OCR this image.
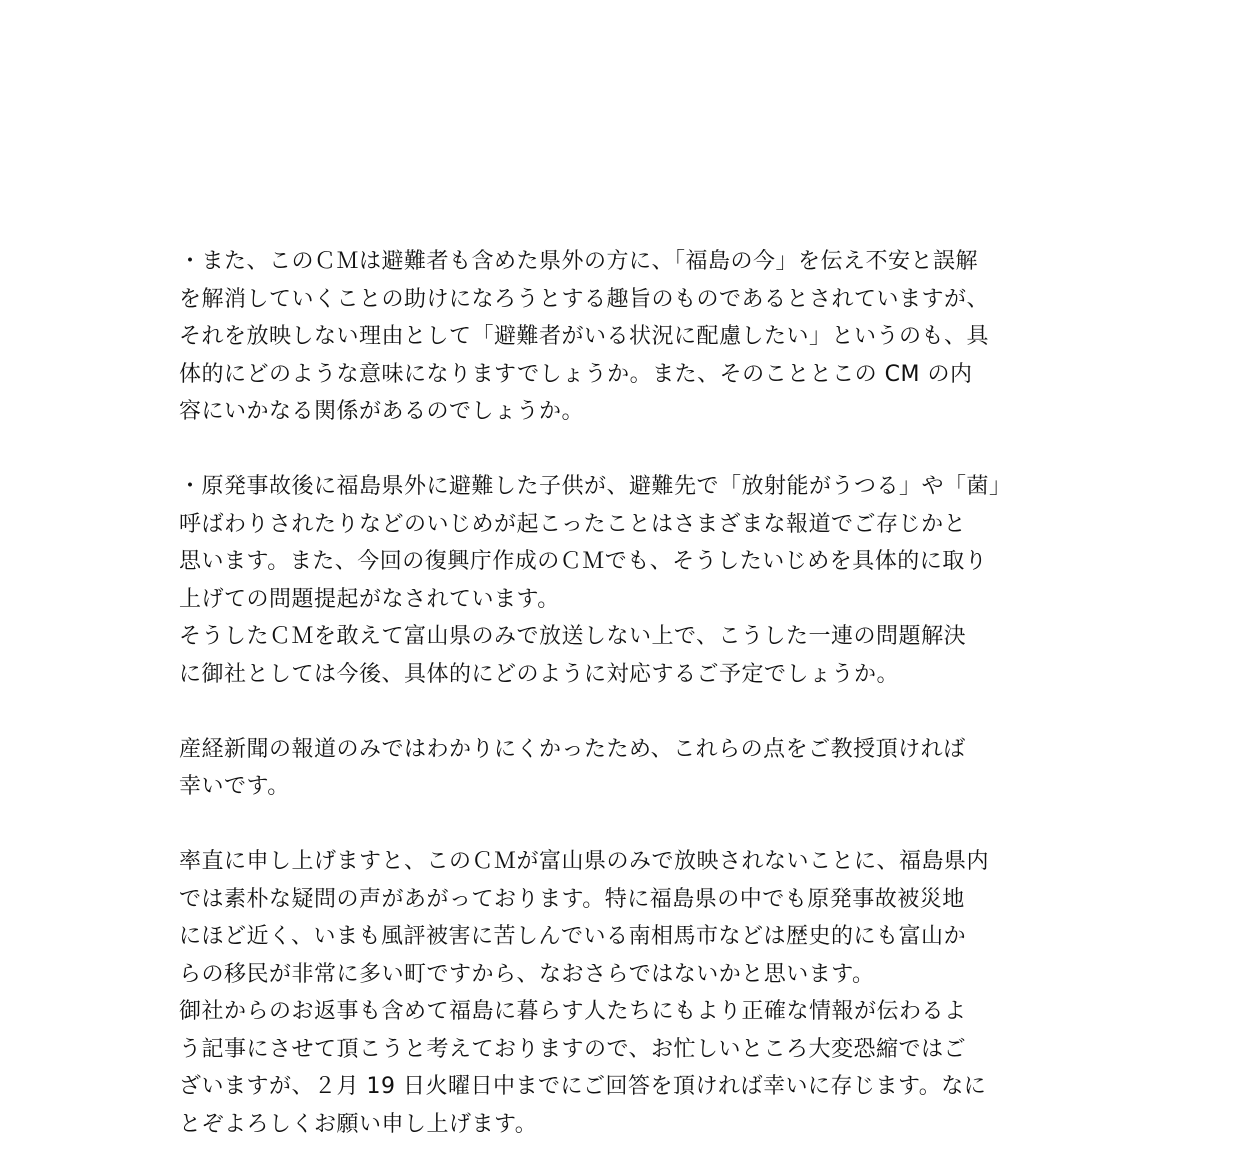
・また、このＣＭは避難者も含めた県外の方に、「福島の今」を伝え不安と誤解
を解消していくことの助けになろうとする趣旨のものであるとされていますが、
それを放映しない理由として「避難者がいる状況に配慮したい」というのも、具
体的にどのような意味になりますでしょうか。また、そのこととこの CM の内
容にいかなる関係があるのでしょうか。
・原発事故後に福島県外に避難した子供が、避難先で「放射能がうつる」や「菌」
呼ばわりされたりなどのいじめが起こったことはさまざまな報道でご存じかと
思います。また、今回の復興庁作成のＣＭでも、そうしたいじめを具体的に取り
上げての問題提起がなされています。
そうしたＣＭを敢えて富山県のみで放送しない上で、こうした一連の問題解決
に御社としては今後、具体的にどのように対応するご予定でしょうか。
産経新聞の報道のみではわかりにくかったため、これらの点をご教授頂ければ
幸いです。
率直に申し上げますと、このＣＭが富山県のみで放映されないことに、福島県内
では素朴な疑問の声があがっております。特に福島県の中でも原発事故被災地
にほど近く、いまも風評被害に苦しんでいる南相馬市などは歴史的にも富山か
らの移民が非常に多い町ですから、なおさらではないかと思います。
御社からのお返事も含めて福島に暮らす人たちにもより正確な情報が伝わるよ
う記事にさせて頂こうと考えておりますので、お忙しいところ大変恐縮ではご
ざいますが、２月 19 日火曜日中までにご回答を頂ければ幸いに存じます。なに
とぞよろしくお願い申し上げます。
